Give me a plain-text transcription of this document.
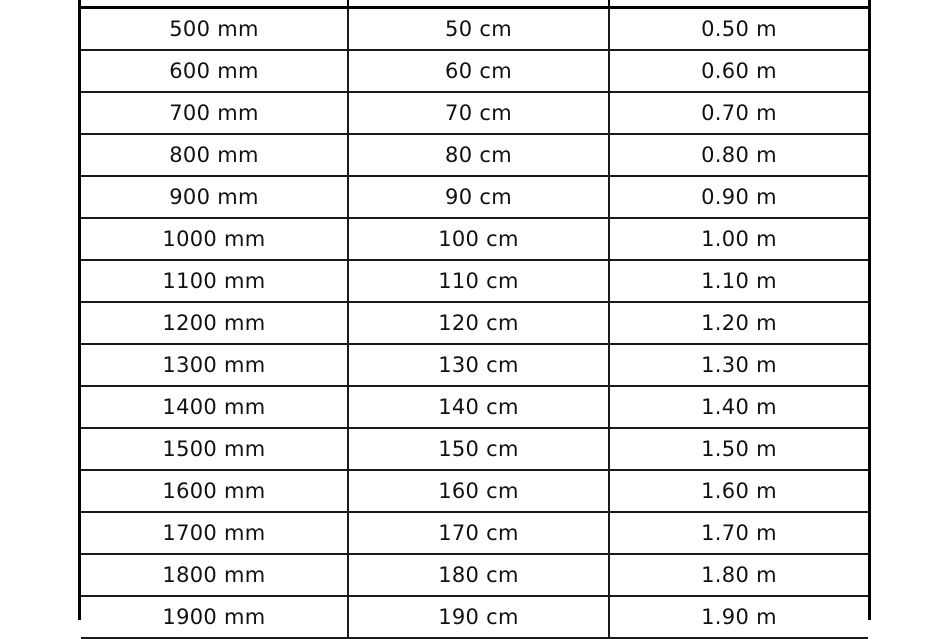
500 mm	50 cm	0.50 m
600 mm	60 cm	0.60 m
700 mm	70 cm	0.70 m
800 mm	80 cm	0.80 m
900 mm	90 cm	0.90 m
1000 mm	100 cm	1.00 m
1100 mm	110 cm	1.10 m
1200 mm	120 cm	1.20 m
1300 mm	130 cm	1.30 m
1400 mm	140 cm	1.40 m
1500 mm	150 cm	1.50 m
1600 mm	160 cm	1.60 m
1700 mm	170 cm	1.70 m
1800 mm	180 cm	1.80 m
1900 mm	190 cm	1.90 m
